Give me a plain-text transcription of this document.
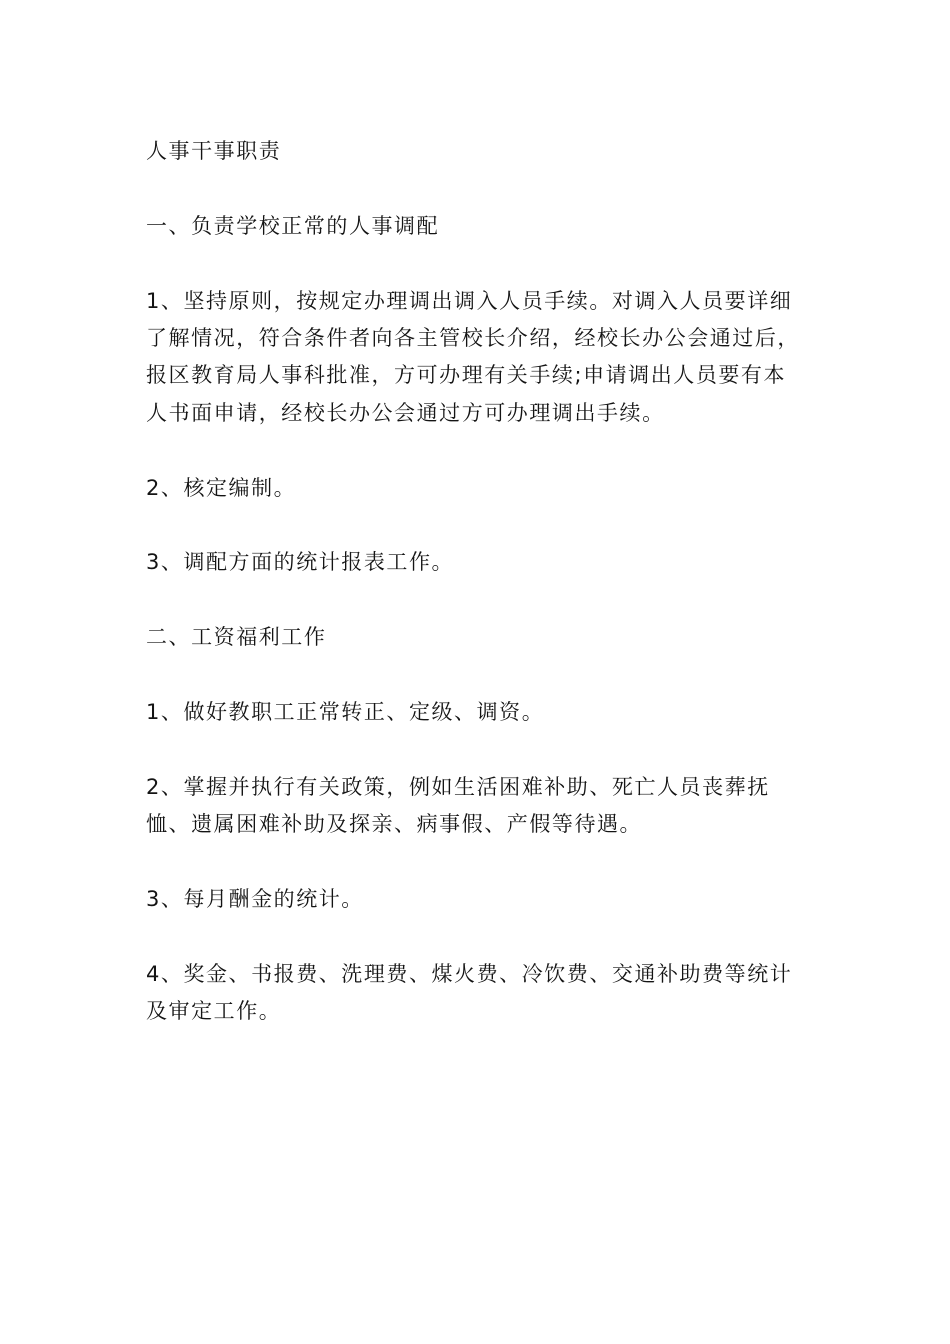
人事干事职责

一、负责学校正常的人事调配

1、坚持原则，按规定办理调出调入人员手续。对调入人员要详细了解情况，符合条件者向各主管校长介绍，经校长办公会通过后，报区教育局人事科批准，方可办理有关手续;申请调出人员要有本人书面申请，经校长办公会通过方可办理调出手续。

2、核定编制。

3、调配方面的统计报表工作。

二、工资福利工作

1、做好教职工正常转正、定级、调资。

2、掌握并执行有关政策，例如生活困难补助、死亡人员丧葬抚恤、遗属困难补助及探亲、病事假、产假等待遇。

3、每月酬金的统计。

4、奖金、书报费、洗理费、煤火费、冷饮费、交通补助费等统计及审定工作。
